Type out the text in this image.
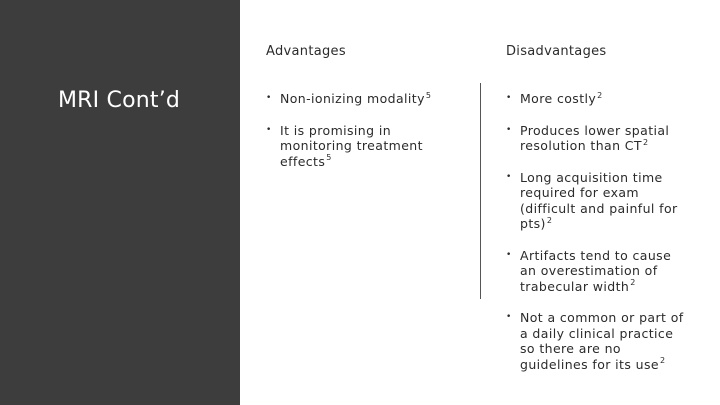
MRI Cont’d
Advantages	Disadvantages
• Non-ionizing modality$^5$
• It is promising in monitoring treatment effects$^5$
• More costly$^2$
• Produces lower spatial resolution than $CT^2$
• Long acquisition time required for exam (difficult and painful for pts)$^2$
• Artifacts tend to cause an overestimation of trabecular width$^2$
• Not a common or part of a daily clinical practice so there are no guidelines for its use$^2$
